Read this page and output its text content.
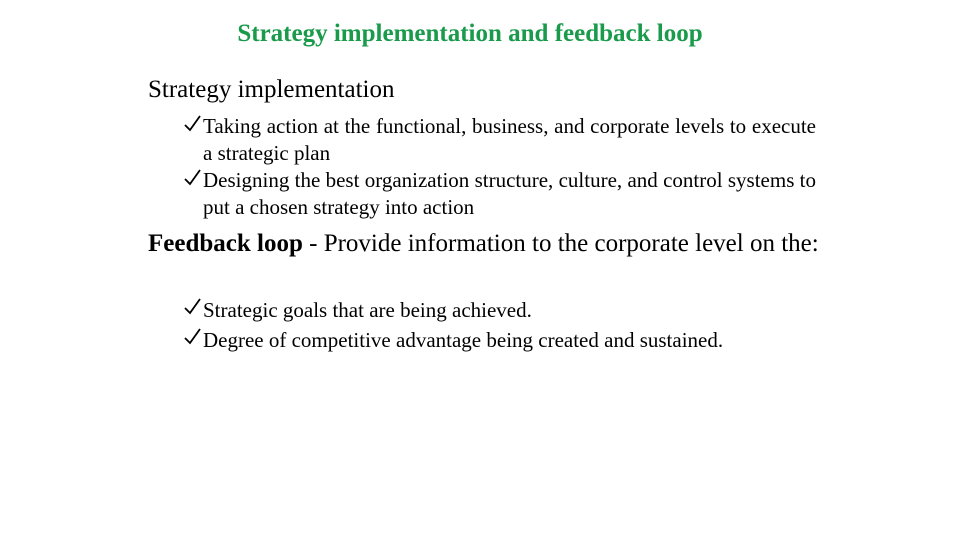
Strategy implementation and feedback loop
Strategy implementation
Taking action at the functional, business, and corporate levels to execute a strategic plan
Designing the best organization structure, culture, and control systems to put a chosen strategy into action
Feedback loop - Provide information to the corporate level on the:
Strategic goals that are being achieved.
Degree of competitive advantage being created and sustained.
